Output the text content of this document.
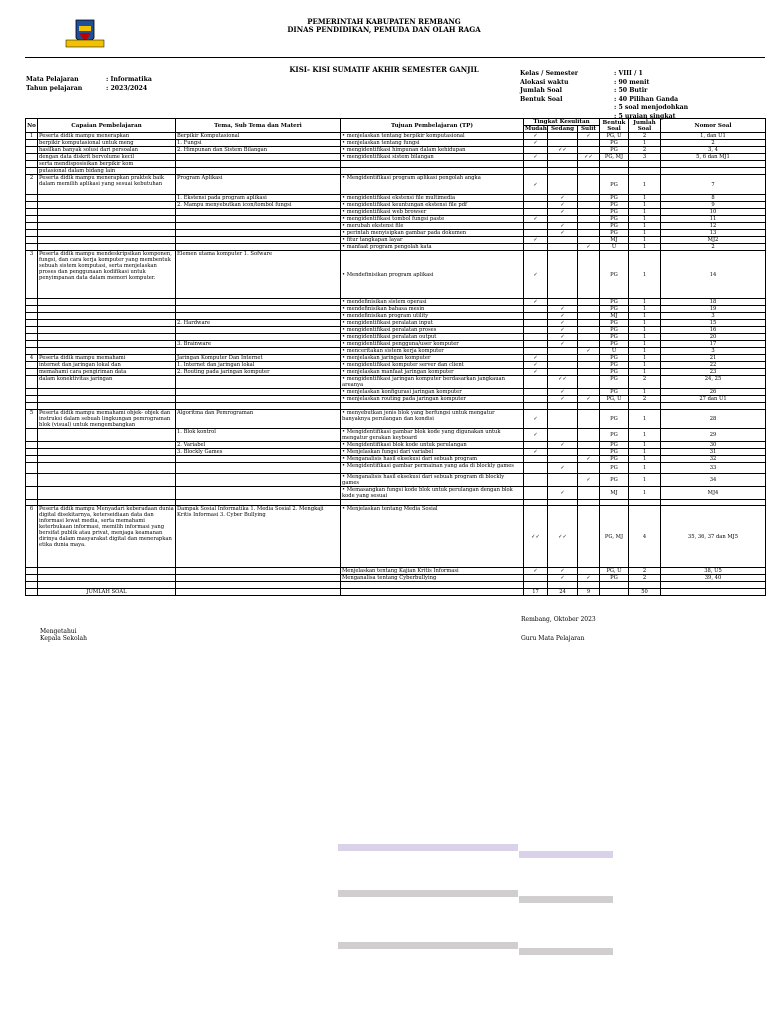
PEMERINTAH KABUPATEN REMBANG
DINAS PENDIDIKAN, PEMUDA DAN OLAH RAGA
KISI- KISI SUMATIF AKHIR SEMESTER GANJIL
Mata Pelajaran	: Informatika
Tahun pelajaran	: 2023/2024
Kelas / Semester	: VIII / 1
Alokasi waktu	: 90 menit
Jumlah Soal	: 50 Butir
Bentuk Soal	: 40 Pilihan Ganda
: 5 soal menjodohkan
: 5 uraian singkat
No	Capaian Pembelajaran	Tema, Sub Tema dan Materi	Tujuan Pembelajaran (TP)	Tingkat Kesulitan			Bentuk Soal	Jumlah Soal	Nomor Soal
				Mudah	Sedang	Sulit			
1	Peserta didik mampu menerapkan	Berpikir Komputasional	• menjelaskan tentang berpikir komputasional	✓		✓	PG, U	2	1, dan U1
	berpikir komputasional untuk meng	1. Fungsi	• menjelaskan tentang fungsi	✓			PG	1	2
	hasilkan banyak solusi dari persoalan	2. Himpunan dan Sistem Bilangan	• mengidentifikasi himpunan dalam kehidupan		✓✓		PG	2	3, 4
	dengan data diskrit bervolume kecil		• mengidentifikasi sistem bilangan	✓		✓✓	PG, MJ	3	5, 6 dan MJ1
	serta mendisposisikan berpikir kom								
	putasional dalam bidang lain								
2	Peserta didik mampu menerapkan praktek baik dalam memilih aplikasi yang sesuai kebutuhan	Program Aplikasi	• Mengidentifikasi program aplikasi pengolah angka	✓			PG	1	7
		1. Ekstensi pada program aplikasi	• mengidentifikasi ekstensi file multimedia		✓		PG	1	8
		2. Mampu menyebutkan icon/tombol fungsi	• mengidentifikasi keuntungan ekstensi file pdf		✓		PG	1	9
			• mengidentifikasi web browser		✓		PG	1	10
			• mengidentifikasi tombol fungsi paste	✓			PG	1	11
			• merubah ekstensi file		✓		PG	1	12
			• perintah menyisipkan gambar pada dokumen		✓		PG	1	13
			• fitur tangkapan layar	✓			MJ	1	MJ2
			• manfaat program pengolah kata			✓	U	1	2
3	Peserta didik mampu mendeskripsikan komponen, fungsi, dan cara kerja komputer yang membentuk sebuah sistem komputasi, serta menjelaskan proses dan penggunaan kodifikasi untuk penyimpanan data dalam memori komputer.	Elemen utama komputer 1. Sofware	• Mendefinisikan program aplikasi	✓			PG	1	14
			• mendefinisikan sistem operasi	✓			PG	1	18
			• mendefinisikan bahasa mesin		✓		PG	1	19
			• mendefinisikan program utility		✓		MJ	1	3
		2. Hardware	• mengidentifikasi peralatan input		✓		PG	1	15
			• mengidentifikasi peralatan proses		✓		PG	1	16
			• mengidentifikasi peralatan output		✓		PG	1	20
		3. Brainware	• mengidentifikasi pengguna/user komputer		✓		PG	1	17
			• menceritakan sistem kerja komputer			✓	U	1	3
4	Peserta didik mampu memahami	Jaringan Komputer Dan Internet	• menjelaskan jaringan komputer	✓			PG	1	21
	internet dan jaringan lokal dan	1. Internet dan jaringan lokal	• mengidentifikasi komputer server dan client	✓			PG	1	22
	memahami cara pengiriman data	2. Routing pada jaringan komputer	• menjelaskan manfaat jaringan komputer	✓			PG	1	23
	dalam konektivitas jaringan		• mengidentifikasi jaringan komputer berdasarkan jangkauan areanya		✓✓		PG	2	24, 25
			• menjelaskan konfigurasi jaringan komputer		✓		PG	1	26
			• menjelaskan routing pada jaringan komputer		✓	✓	PG, U	2	27 dan U1

5	Peserta didik mampu memahami objek- objek dan instruksi dalam sebuah lingkungan pemrograman blok (visual) untuk mengembangkan	Algoritma dan Pemrograman	• menyebutkan jenis blok yang berfungsi untuk mengatur banyaknya perulangan dan kondisi	✓			PG	1	28
		1. Blok kontrol	• Mengidentifikasi gambar blok kode yang digunakan untuk mengatur gerakan keyboard	✓			PG	1	29
		2. Variabel	• Mengidentifikasi blok kode untuk perulangan		✓		PG	1	30
		3. Blockly Games	• Menjelaskan fungsi dari variabel	✓			PG	1	31
			• Menganalisis hasil eksekusi dari sebuah program			✓	PG	1	32
			• Mengidentifikasi gambar permainan yang ada di blockly games		✓		PG	1	33
			• Menganalisis hasil eksekusi dari sebuah program di blockly games			✓	PG	1	34
			• Memasangkan fungsi kode blok untuk perulangan dengan blok kode yang sesuai		✓		MJ	1	MJ4

6	Peserta didik mampu Menyadari keberadaan dunia digital disekitarnya, keterseidiaan data dan informasi lewat media, serta memahami keterbukaan informasi, memilih informasi yang bersifat publik atau privat, menjaga keamanan dirinya dalam masyarakat digital dan menerapkan etika dunia maya.	Dampak Sosial Informatika 1. Media Sosial 2. Mengkaji Kritis Informasi 3. Cyber Bullying	• Menjelaskan tentang Media Sosial	✓✓	✓✓		PG, MJ	4	35, 36, 37 dan MJ5
			Menjelaskan tentang Kajian Kritis Informasi	✓	✓		PG, U	2	38, U5
			Menganalisa tentang Cyberbullying		✓	✓	PG	2	39, 40

	JUMLAH SOAL			17	24	9		50	
Rembang, Oktober 2023
Mengetahui
Kepala Sekolah	Guru Mata Pelajaran
